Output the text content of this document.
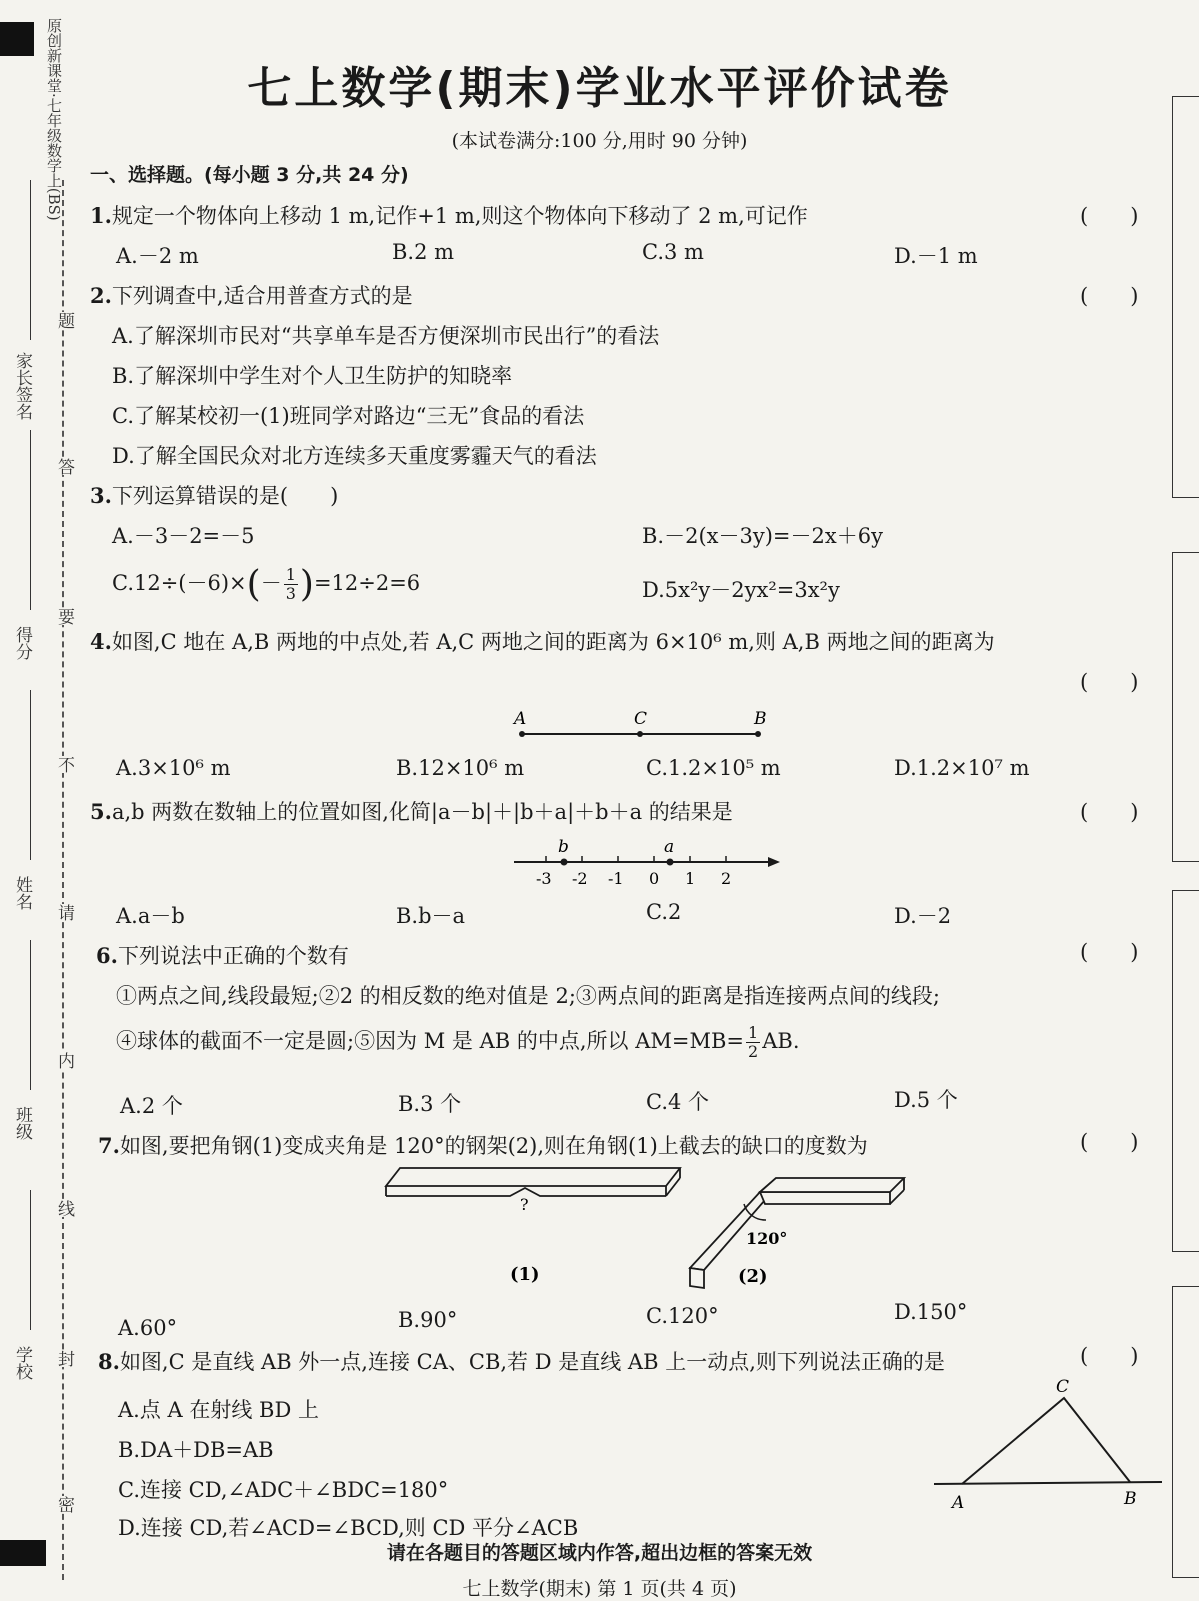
原创新课堂·七年级数学上(BS)
家长签名
得分
姓名
班级
学校
题
答
要
不
请
内
线
封
密
七上数学(期末)学业水平评价试卷
(本试卷满分:100 分,用时 90 分钟)
一、选择题。(每小题 3 分,共 24 分)
1.规定一个物体向上移动 1 m,记作+1 m,则这个物体向下移动了 2 m,可记作	(　　)
A.－2 m	B.2 m	C.3 m	D.－1 m
2.下列调查中,适合用普查方式的是	(　　)
A.了解深圳市民对“共享单车是否方便深圳市民出行”的看法
B.了解深圳中学生对个人卫生防护的知晓率
C.了解某校初一(1)班同学对路边“三无”食品的看法
D.了解全国民众对北方连续多天重度雾霾天气的看法
3.下列运算错误的是(　　)
A.－3－2=－5	B.－2(x－3y)=－2x＋6y
$C.12\div(-6)\times(- \frac{1}{3} )=12\div 2=6$	D.5x²y－2yx²=3x²y
4.如图,C 地在 A,B 两地的中点处,若 A,C 两地之间的距离为 6×10⁶ m,则 A,B 两地之间的距离为
(　　)
A	C	B
A.3×10⁶ m	B.12×10⁶ m	C.1.2×10⁵ m	D.1.2×10⁷ m
5.a,b 两数在数轴上的位置如图,化简|a－b|＋|b＋a|＋b＋a 的结果是	(　　)
-3 -2 -1 0 1 2
b	a
A.a－b	B.b－a	C.2	D.－2
6.下列说法中正确的个数有	(　　)
①两点之间,线段最短;②2 的相反数的绝对值是 2;③两点间的距离是指连接两点间的线段;
④球体的截面不一定是圆;⑤因为 M 是 AB 的中点,所以 $AM=MB= \frac{1}{2}$ AB.
A.2 个	B.3 个	C.4 个	D.5 个
7.如图,要把角钢(1)变成夹角是 120°的钢架(2),则在角钢(1)上截去的缺口的度数为	(　　)
?
(1)
120°
(2)
A.60°	B.90°	C.120°	D.150°
8.如图,C 是直线 AB 外一点,连接 CA、CB,若 D 是直线 AB 上一动点,则下列说法正确的是	(　　)
A.点 A 在射线 BD 上
B.DA＋DB=AB
C.连接 CD,∠ADC＋∠BDC=180°
D.连接 CD,若∠ACD=∠BCD,则 CD 平分∠ACB
C
A	B
请在各题目的答题区域内作答,超出边框的答案无效
七上数学(期末) 第 1 页(共 4 页)
